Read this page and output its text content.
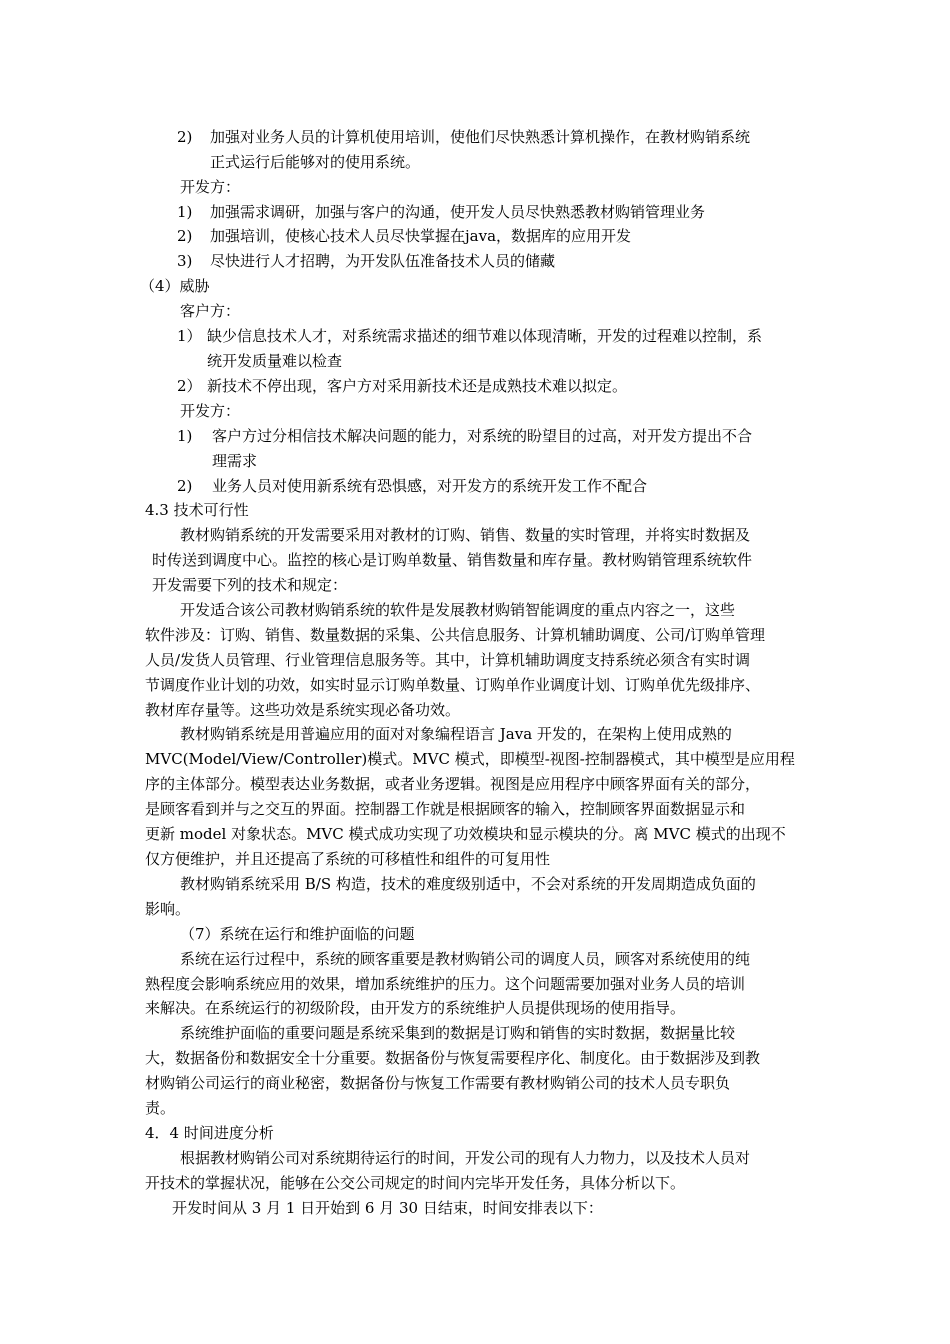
2) 加强对业务人员的计算机使用培训，使他们尽快熟悉计算机操作，在教材购销系统
正式运行后能够对的使用系统。
开发方：
1) 加强需求调研，加强与客户的沟通，使开发人员尽快熟悉教材购销管理业务
2) 加强培训，使核心技术人员尽快掌握在java，数据库的应用开发
3) 尽快进行人才招聘，为开发队伍准备技术人员的储藏
（4）威胁
客户方：
1） 缺少信息技术人才，对系统需求描述的细节难以体现清晰，开发的过程难以控制，系
统开发质量难以检查
2） 新技术不停出现，客户方对采用新技术还是成熟技术难以拟定。
开发方：
1) 客户方过分相信技术解决问题的能力，对系统的盼望目的过高，对开发方提出不合
理需求
2) 业务人员对使用新系统有恐惧感，对开发方的系统开发工作不配合
4.3 技术可行性
教材购销系统的开发需要采用对教材的订购、销售、数量的实时管理，并将实时数据及
时传送到调度中心。监控的核心是订购单数量、销售数量和库存量。教材购销管理系统软件
开发需要下列的技术和规定：
开发适合该公司教材购销系统的软件是发展教材购销智能调度的重点内容之一，这些
软件涉及：订购、销售、数量数据的采集、公共信息服务、计算机辅助调度、公司/订购单管理
人员/发货人员管理、行业管理信息服务等。其中，计算机辅助调度支持系统必须含有实时调
节调度作业计划的功效，如实时显示订购单数量、订购单作业调度计划、订购单优先级排序、
教材库存量等。这些功效是系统实现必备功效。
教材购销系统是用普遍应用的面对对象编程语言 Java 开发的，在架构上使用成熟的
MVC(Model/View/Controller)模式。MVC 模式，即模型-视图-控制器模式，其中模型是应用程
序的主体部分。模型表达业务数据，或者业务逻辑。视图是应用程序中顾客界面有关的部分，
是顾客看到并与之交互的界面。控制器工作就是根据顾客的输入，控制顾客界面数据显示和
更新 model 对象状态。MVC 模式成功实现了功效模块和显示模块的分。离 MVC 模式的出现不
仅方便维护，并且还提高了系统的可移植性和组件的可复用性
教材购销系统采用 B/S 构造，技术的难度级别适中，不会对系统的开发周期造成负面的
影响。
（7）系统在运行和维护面临的问题
系统在运行过程中，系统的顾客重要是教材购销公司的调度人员，顾客对系统使用的纯
熟程度会影响系统应用的效果，增加系统维护的压力。这个问题需要加强对业务人员的培训
来解决。在系统运行的初级阶段，由开发方的系统维护人员提供现场的使用指导。
系统维护面临的重要问题是系统采集到的数据是订购和销售的实时数据，数据量比较
大，数据备份和数据安全十分重要。数据备份与恢复需要程序化、制度化。由于数据涉及到教
材购销公司运行的商业秘密，数据备份与恢复工作需要有教材购销公司的技术人员专职负
责。
4．4 时间进度分析
根据教材购销公司对系统期待运行的时间，开发公司的现有人力物力，以及技术人员对
开技术的掌握状况，能够在公交公司规定的时间内完毕开发任务，具体分析以下。
开发时间从 3 月 1 日开始到 6 月 30 日结束，时间安排表以下：
